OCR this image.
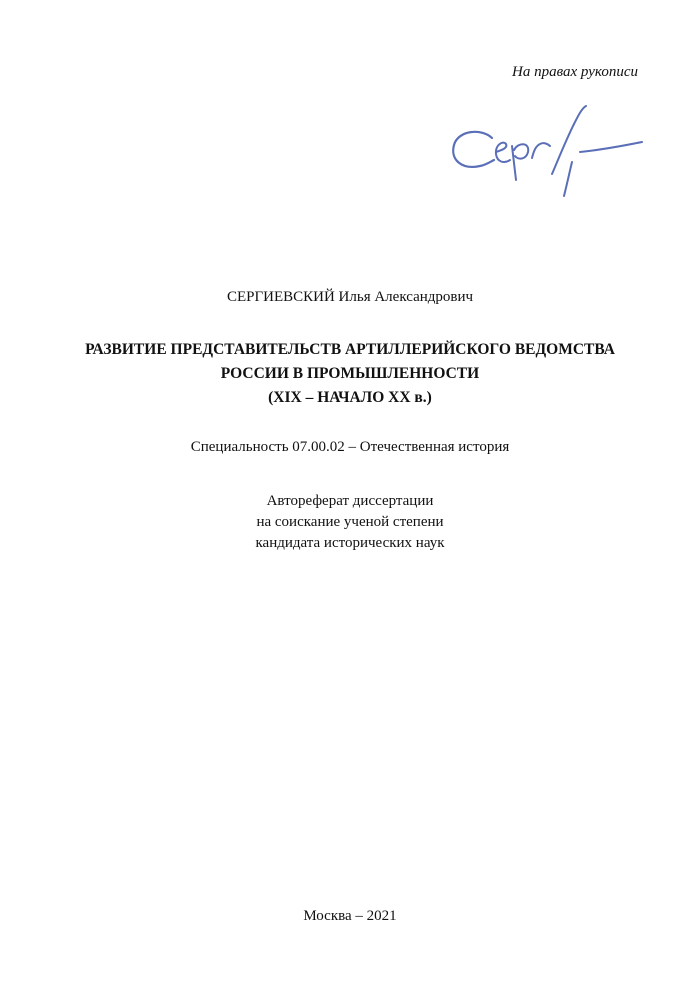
На правах рукописи
СЕРГИЕВСКИЙ Илья Александрович
РАЗВИТИЕ ПРЕДСТАВИТЕЛЬСТВ АРТИЛЛЕРИЙСКОГО ВЕДОМСТВА
РОССИИ В ПРОМЫШЛЕННОСТИ
(XIX – НАЧАЛО XX в.)
Специальность 07.00.02 – Отечественная история
Автореферат диссертации
на соискание ученой степени
кандидата исторических наук
Москва – 2021
